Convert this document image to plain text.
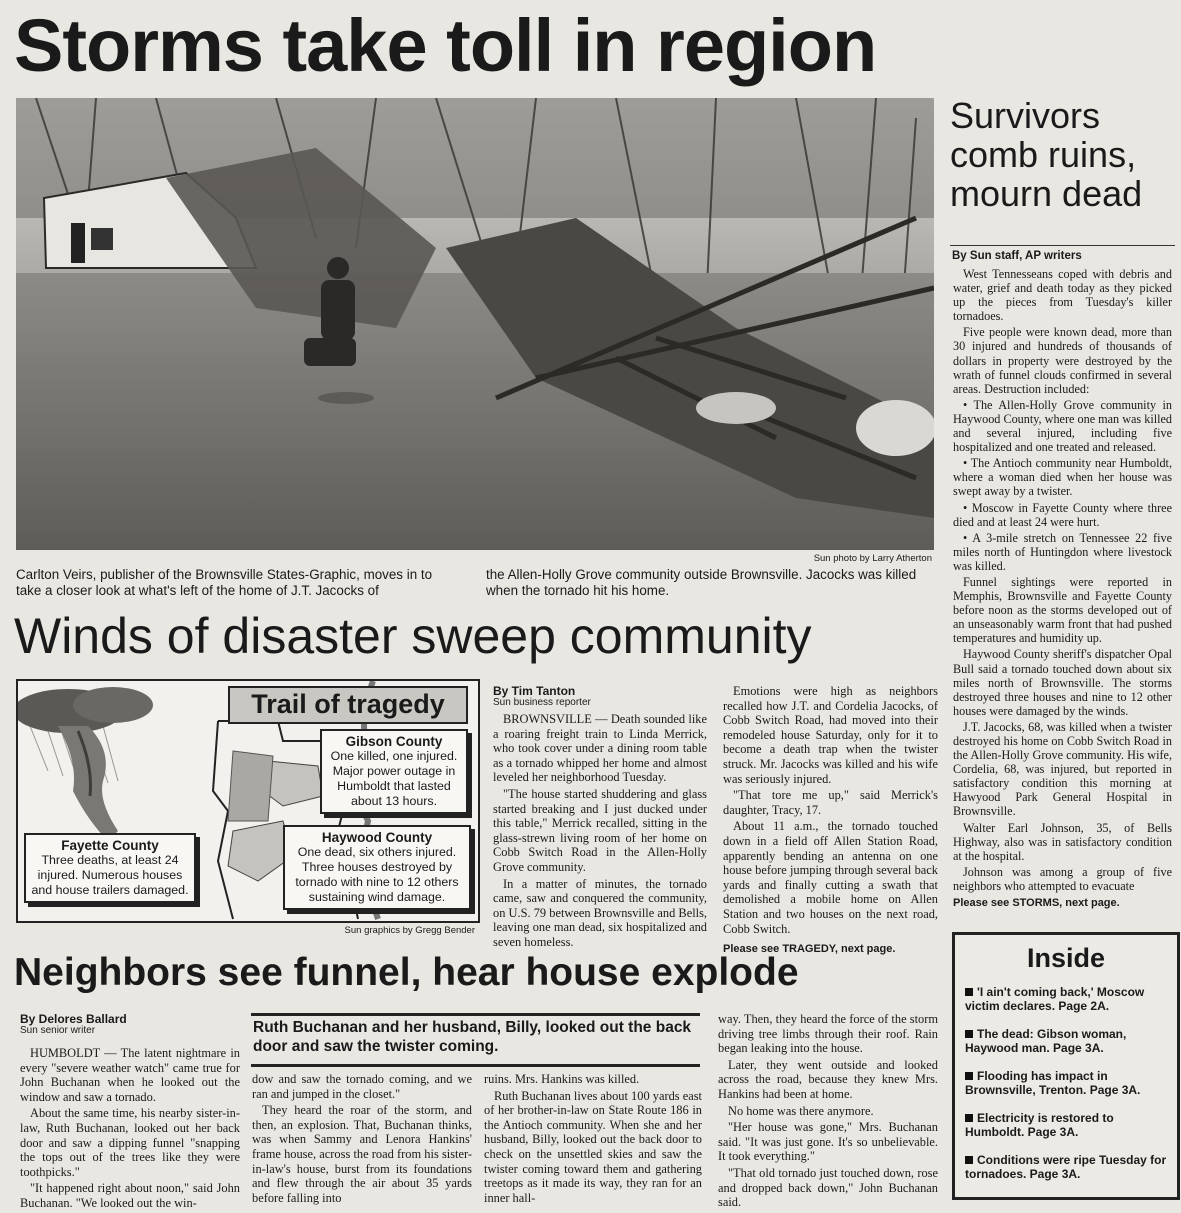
Storms take toll in region
Sun photo by Larry Atherton
Carlton Veirs, publisher of the Brownsville States-Graphic, moves in to take a closer look at what's left of the home of J.T. Jacocks of
the Allen-Holly Grove community outside Brownsville. Jacocks was killed when the tornado hit his home.
Survivors comb ruins, mourn dead
By Sun staff, AP writers

West Tennesseans coped with debris and water, grief and death today as they picked up the pieces from Tuesday's killer tornadoes.

Five people were known dead, more than 30 injured and hundreds of thousands of dollars in property were destroyed by the wrath of funnel clouds confirmed in several areas. Destruction included:

• The Allen-Holly Grove community in Haywood County, where one man was killed and several injured, including five hospitalized and one treated and released.

• The Antioch community near Humboldt, where a woman died when her house was swept away by a twister.

• Moscow in Fayette County where three died and at least 24 were hurt.

• A 3-mile stretch on Tennessee 22 five miles north of Huntingdon where livestock was killed.

Funnel sightings were reported in Memphis, Brownsville and Fayette County before noon as the storms developed out of an unseasonably warm front that had pushed temperatures and humidity up.

Haywood County sheriff's dispatcher Opal Bull said a tornado touched down about six miles north of Brownsville. The storms destroyed three houses and nine to 12 other houses were damaged by the winds.

J.T. Jacocks, 68, was killed when a twister destroyed his home on Cobb Switch Road in the Allen-Holly Grove community. His wife, Cordelia, 68, was injured, but reported in satisfactory condition this morning at Hawyood Park General Hospital in Brownsville.

Walter Earl Johnson, 35, of Bells Highway, also was in satisfactory condition at the hospital.

Johnson was among a group of five neighbors who attempted to evacuate

Please see STORMS, next page.
Winds of disaster sweep community
Trail of tragedy
Gibson County
One killed, one injured. Major power outage in Humboldt that lasted about 13 hours.
Haywood County
One dead, six others injured. Three houses destroyed by tornado with nine to 12 others sustaining wind damage.
Fayette County
Three deaths, at least 24 injured. Numerous houses and house trailers damaged.
Sun graphics by Gregg Bender
By Tim Tanton
Sun business reporter

BROWNSVILLE — Death sounded like a roaring freight train to Linda Merrick, who took cover under a dining room table as a tornado whipped her home and almost leveled her neighborhood Tuesday.

"The house started shuddering and glass started breaking and I just ducked under this table," Merrick recalled, sitting in the glass-strewn living room of her home on Cobb Switch Road in the Allen-Holly Grove community.

In a matter of minutes, the tornado came, saw and conquered the community, on U.S. 79 between Brownsville and Bells, leaving one man dead, six hospitalized and seven homeless.

Emotions were high as neighbors recalled how J.T. and Cordelia Jacocks, of Cobb Switch Road, had moved into their remodeled house Saturday, only for it to become a death trap when the twister struck. Mr. Jacocks was killed and his wife was seriously injured.

"That tore me up," said Merrick's daughter, Tracy, 17.

About 11 a.m., the tornado touched down in a field off Allen Station Road, apparently bending an antenna on one house before jumping through several back yards and finally cutting a swath that demolished a mobile home on Allen Station and two houses on the next road, Cobb Switch.

Please see TRAGEDY, next page.
Neighbors see funnel, hear house explode
By Delores Ballard
Sun senior writer

HUMBOLDT — The latent nightmare in every "severe weather watch" came true for John Buchanan when he looked out the window and saw a tornado.

About the same time, his nearby sister-in-law, Ruth Buchanan, looked out her back door and saw a dipping funnel "snapping the tops out of the trees like they were toothpicks."

"It happened right about noon," said John Buchanan. "We looked out the win-

Ruth Buchanan and her husband, Billy, looked out the back door and saw the twister coming.

dow and saw the tornado coming, and we ran and jumped in the closet."

They heard the roar of the storm, and then, an explosion. That, Buchanan thinks, was when Sammy and Lenora Hankins' frame house, across the road from his sister-in-law's house, burst from its foundations and flew through the air about 35 yards before falling into

ruins. Mrs. Hankins was killed.

Ruth Buchanan lives about 100 yards east of her brother-in-law on State Route 186 in the Antioch community. When she and her husband, Billy, looked out the back door to check on the unsettled skies and saw the twister coming toward them and gathering treetops as it made its way, they ran for an inner hall-

way. Then, they heard the force of the storm driving tree limbs through their roof. Rain began leaking into the house.

Later, they went outside and looked across the road, because they knew Mrs. Hankins had been at home.

No home was there anymore.

"Her house was gone," Mrs. Buchanan said. "It was just gone. It's so unbelievable. It took everything."

"That old tornado just touched down, rose and dropped back down," John Buchanan said.

Inside
'I ain't coming back,' Moscow victim declares. Page 2A.
The dead: Gibson woman, Haywood man. Page 3A.
Flooding has impact in Brownsville, Trenton. Page 3A.
Electricity is restored to Humboldt. Page 3A.
Conditions were ripe Tuesday for tornadoes. Page 3A.
